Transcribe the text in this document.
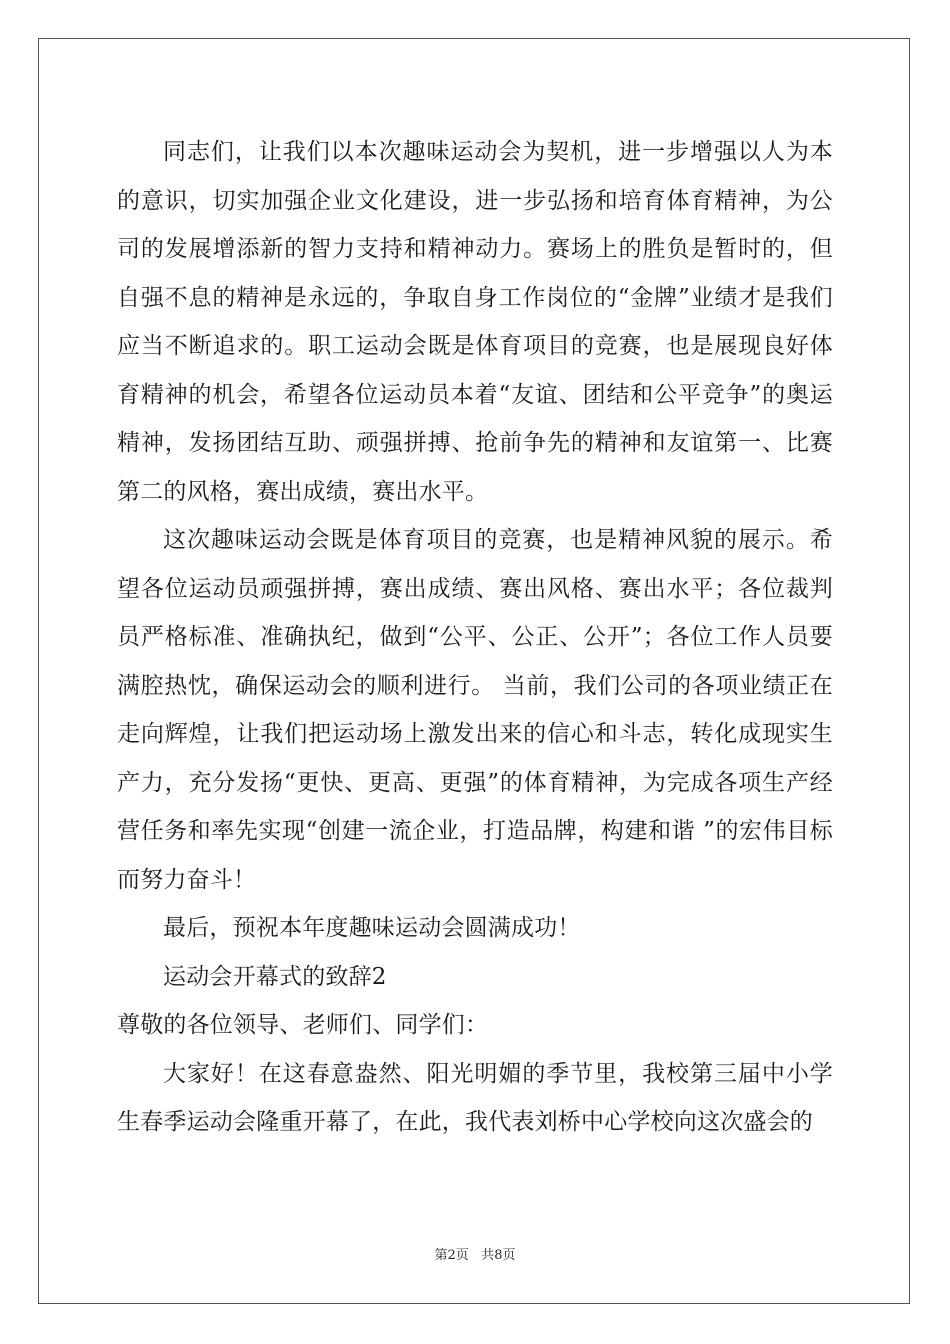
同志们，让我们以本次趣味运动会为契机，进一步增强以人为本的意识，切实加强企业文化建设，进一步弘扬和培育体育精神，为公司的发展增添新的智力支持和精神动力。赛场上的胜负是暂时的，但自强不息的精神是永远的，争取自身工作岗位的“金牌”业绩才是我们应当不断追求的。职工运动会既是体育项目的竞赛，也是展现良好体育精神的机会，希望各位运动员本着“友谊、团结和公平竞争”的奥运精神，发扬团结互助、顽强拼搏、抢前争先的精神和友谊第一、比赛第二的风格，赛出成绩，赛出水平。

这次趣味运动会既是体育项目的竞赛，也是精神风貌的展示。希望各位运动员顽强拼搏，赛出成绩、赛出风格、赛出水平；各位裁判员严格标准、准确执纪，做到“公平、公正、公开”；各位工作人员要满腔热忱，确保运动会的顺利进行。 当前，我们公司的各项业绩正在走向辉煌，让我们把运动场上激发出来的信心和斗志，转化成现实生产力，充分发扬“更快、更高、更强”的体育精神，为完成各项生产经营任务和率先实现“创建一流企业，打造品牌，构建和谐 ”的宏伟目标而努力奋斗！

最后，预祝本年度趣味运动会圆满成功！

运动会开幕式的致辞2

尊敬的各位领导、老师们、同学们：

大家好！在这春意盎然、阳光明媚的季节里，我校第三届中小学生春季运动会隆重开幕了，在此，我代表刘桥中心学校向这次盛会的

第2页 共8页
